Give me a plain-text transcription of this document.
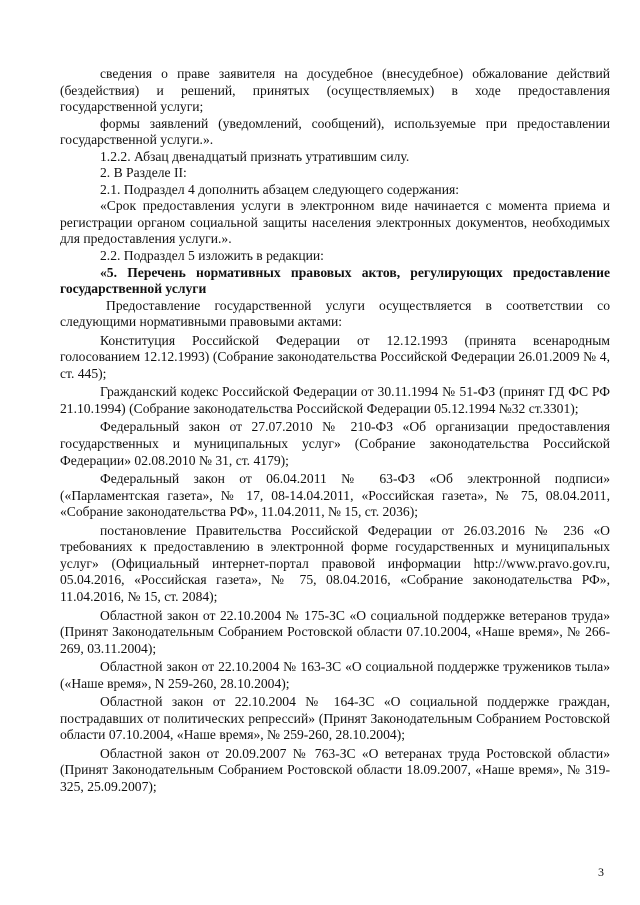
сведения о праве заявителя на досудебное (внесудебное) обжалование действий (бездействия) и решений, принятых (осуществляемых) в ходе предоставления государственной услуги;

формы заявлений (уведомлений, сообщений), используемые при предоставлении государственной услуги.».

1.2.2. Абзац двенадцатый признать утратившим силу.

2. В Разделе II:

2.1. Подраздел 4 дополнить абзацем следующего содержания:

«Срок предоставления услуги в электронном виде начинается с момента приема и регистрации органом социальной защиты населения электронных документов, необходимых для предоставления услуги.».

2.2. Подраздел 5 изложить в редакции:

«5. Перечень нормативных правовых актов, регулирующих предоставление государственной услуги

Предоставление государственной услуги осуществляется в соответствии со следующими нормативными правовыми актами:

Конституция Российской Федерации от 12.12.1993 (принята всенародным голосованием 12.12.1993) (Собрание законодательства Российской Федерации 26.01.2009 № 4, ст. 445);

Гражданский кодекс Российской Федерации от 30.11.1994 № 51-ФЗ (принят ГД ФС РФ 21.10.1994) (Собрание законодательства Российской Федерации 05.12.1994 №32 ст.3301);

Федеральный закон от 27.07.2010 № 210-ФЗ «Об организации предоставления государственных и муниципальных услуг» (Собрание законодательства Российской Федерации» 02.08.2010 № 31, ст. 4179);

Федеральный закон от 06.04.2011 № 63-ФЗ «Об электронной подписи» («Парламентская газета», № 17, 08-14.04.2011, «Российская газета», № 75, 08.04.2011, «Собрание законодательства РФ», 11.04.2011, № 15, ст. 2036);

постановление Правительства Российской Федерации от 26.03.2016 № 236 «О требованиях к предоставлению в электронной форме государственных и муниципальных услуг» (Официальный интернет-портал правовой информации http://www.pravo.gov.ru, 05.04.2016, «Российская газета», № 75, 08.04.2016, «Собрание законодательства РФ», 11.04.2016, № 15, ст. 2084);

Областной закон от 22.10.2004 № 175-ЗС «О социальной поддержке ветеранов труда» (Принят Законодательным Собранием Ростовской области 07.10.2004, «Наше время», № 266-269, 03.11.2004);

Областной закон от 22.10.2004 № 163-ЗС «О социальной поддержке тружеников тыла» («Наше время», N 259-260, 28.10.2004);

Областной закон от 22.10.2004 № 164-ЗС «О социальной поддержке граждан, пострадавших от политических репрессий» (Принят Законодательным Собранием Ростовской области 07.10.2004, «Наше время», № 259-260, 28.10.2004);

Областной закон от 20.09.2007 № 763-ЗС «О ветеранах труда Ростовской области» (Принят Законодательным Собранием Ростовской области 18.09.2007, «Наше время», № 319-325, 25.09.2007);

3
